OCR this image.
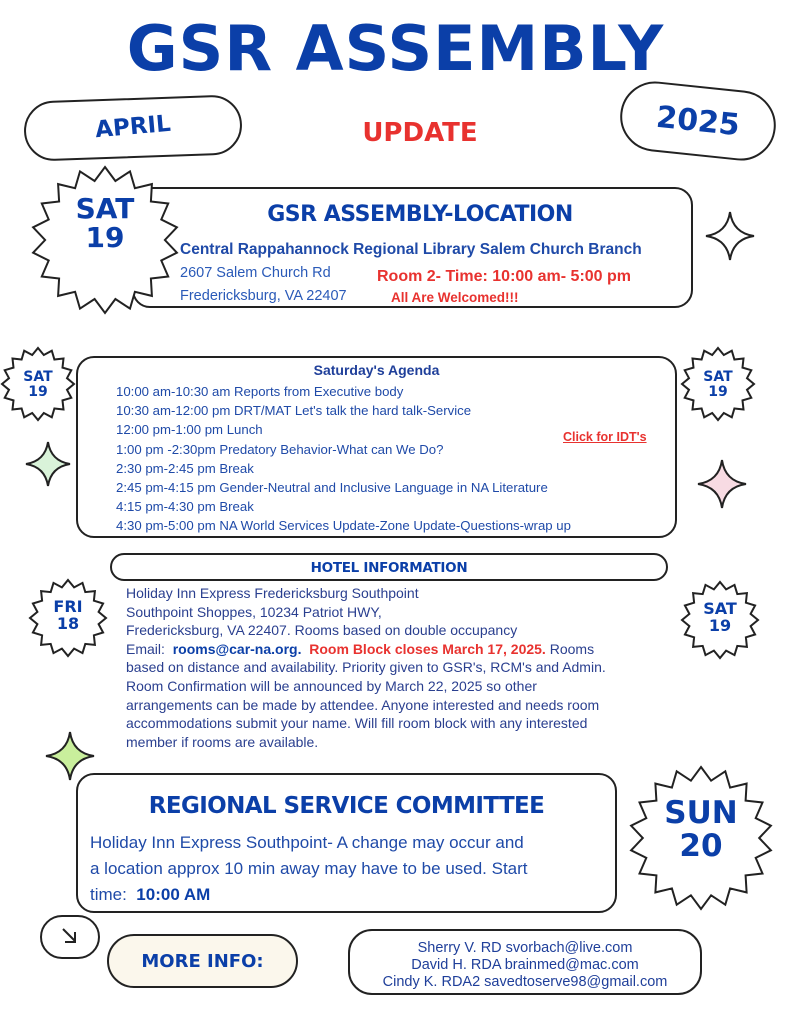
GSR ASSEMBLY
APRIL	UPDATE	2025
SAT
19
GSR ASSEMBLY-LOCATION
Central Rappahannock Regional Library Salem Church Branch
2607 Salem Church Rd
Fredericksburg, VA 22407
Room 2- Time: 10:00 am- 5:00 pm
All Are Welcomed!!!
Saturday's Agenda
10:00 am-10:30 am Reports from Executive body
10:30 am-12:00 pm DRT/MAT Let's talk the hard talk-Service
12:00 pm-1:00 pm Lunch
1:00 pm -2:30pm Predatory Behavior-What can We Do?
2:30 pm-2:45 pm Break
2:45 pm-4:15 pm Gender-Neutral and Inclusive Language in NA Literature
4:15 pm-4:30 pm Break
4:30 pm-5:00 pm NA World Services Update-Zone Update-Questions-wrap up
Click for IDT's
SAT
19
SAT
19
HOTEL INFORMATION
FRI
18
SAT
19
Holiday Inn Express Fredericksburg Southpoint
Southpoint Shoppes, 10234 Patriot HWY,
Fredericksburg, VA 22407. Rooms based on double occupancy
Email: rooms@car-na.org. Room Block closes March 17, 2025. Rooms
based on distance and availability. Priority given to GSR's, RCM's and Admin.
Room Confirmation will be announced by March 22, 2025 so other
arrangements can be made by attendee. Anyone interested and needs room
accommodations submit your name. Will fill room block with any interested
member if rooms are available.
REGIONAL SERVICE COMMITTEE
Holiday Inn Express Southpoint- A change may occur and
a location approx 10 min away may have to be used. Start
time: 10:00 AM
SUN
20
MORE INFO:
Sherry V. RD svorbach@live.com
David H. RDA brainmed@mac.com
Cindy K. RDA2 savedtoserve98@gmail.com
